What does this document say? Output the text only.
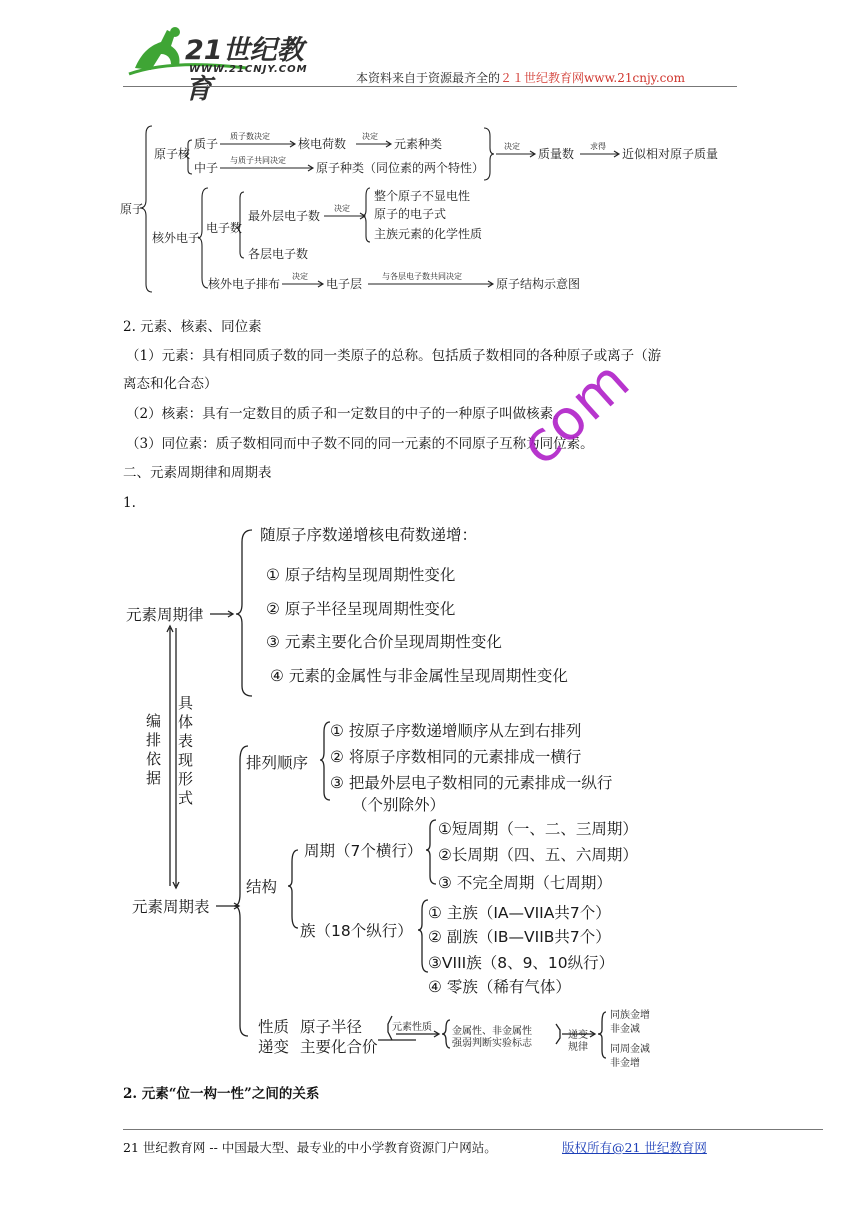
21世纪教育
WWW.21CNJY.COM
本资料来自于资源最齐全的２１世纪教育网www.21cnjy.com
原子
原子核
质子
中子
质子数决定
与质子共同决定
核电荷数
决定
元素种类
原子种类（同位素的两个特性）
决定
质量数
求得
近似相对原子质量
核外电子
电子数
最外层电子数
决定
整个原子不显电性
原子的电子式
主族元素的化学性质
各层电子数
核外电子排布
决定
电子层
与各层电子数共同决定
原子结构示意图
2. 元素、核素、同位素
（1）元素：具有相同质子数的同一类原子的总称。包括质子数相同的各种原子或离子（游
离态和化合态）
（2）核素：具有一定数目的质子和一定数目的中子的一种原子叫做核素。
（3）同位素：质子数相同而中子数不同的同一元素的不同原子互称为同位素。
二、元素周期律和周期表
1.
元素周期律
随原子序数递增核电荷数递增：
① 原子结构呈现周期性变化
② 原子半径呈现周期性变化
③ 元素主要化合价呈现周期性变化
④ 元素的金属性与非金属性呈现周期性变化
元素周期表
排列顺序
① 按原子序数递增顺序从左到右排列
② 将原子序数相同的元素排成一横行
③ 把最外层电子数相同的元素排成一纵行
（个别除外）
结构
周期（7个横行）
①短周期（一、二、三周期）
②长周期（四、五、六周期）
③ 不完全周期（七周期）
族（18个纵行）
① 主族（IA—VIIA共7个）
② 副族（IB—VIIB共7个）
③VIII族（8、9、10纵行）
④ 零族（稀有气体）
性质
递变
原子半径
主要化合价
元素性质 金属性、非金属性
强弱判断实验标志
递变
规律
同族金增
非金减
同周金减
非金增
编排依据
具体表现形式
2. 元素“位一构一性”之间的关系
com
21 世纪教育网 -- 中国最大型、最专业的中小学教育资源门户网站。	版权所有@21 世纪教育网
